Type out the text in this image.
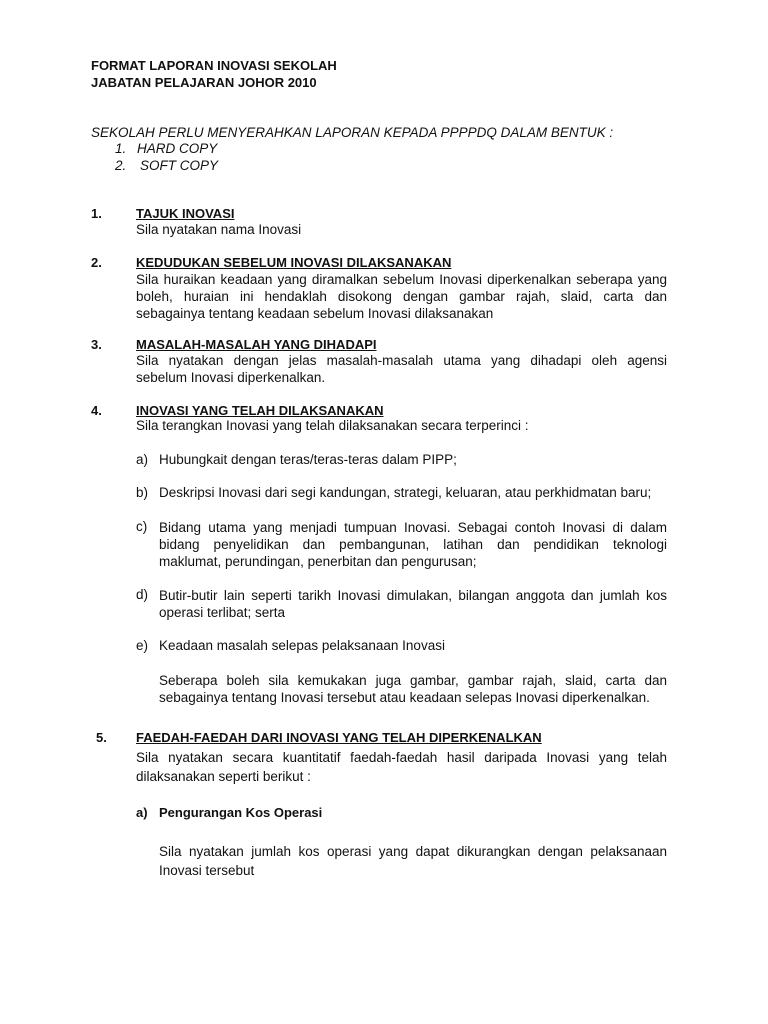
FORMAT LAPORAN INOVASI SEKOLAH
JABATAN PELAJARAN JOHOR 2010
SEKOLAH PERLU MENYERAHKAN LAPORAN KEPADA PPPPDQ DALAM BENTUK :
1. HARD COPY
2. SOFT COPY
1.	TAJUK INOVASI
Sila nyatakan nama Inovasi
2.	KEDUDUKAN SEBELUM INOVASI DILAKSANAKAN
Sila huraikan keadaan yang diramalkan sebelum Inovasi diperkenalkan seberapa yang
boleh, huraian ini hendaklah disokong dengan gambar rajah, slaid, carta dan
sebagainya tentang keadaan sebelum Inovasi dilaksanakan
3.	MASALAH-MASALAH YANG DIHADAPI
Sila nyatakan dengan jelas masalah-masalah utama yang dihadapi oleh agensi
sebelum Inovasi diperkenalkan.
4.	INOVASI YANG TELAH DILAKSANAKAN
Sila terangkan Inovasi yang telah dilaksanakan secara terperinci :
a) Hubungkait dengan teras/teras-teras dalam PIPP;
b) Deskripsi Inovasi dari segi kandungan, strategi, keluaran, atau perkhidmatan baru;
c) Bidang utama yang menjadi tumpuan Inovasi. Sebagai contoh Inovasi di dalam
bidang penyelidikan dan pembangunan, latihan dan pendidikan teknologi
maklumat, perundingan, penerbitan dan pengurusan;
d) Butir-butir lain seperti tarikh Inovasi dimulakan, bilangan anggota dan jumlah kos
operasi terlibat; serta
e) Keadaan masalah selepas pelaksanaan Inovasi
Seberapa boleh sila kemukakan juga gambar, gambar rajah, slaid, carta dan
sebagainya tentang Inovasi tersebut atau keadaan selepas Inovasi diperkenalkan.
5. FAEDAH-FAEDAH DARI INOVASI YANG TELAH DIPERKENALKAN
Sila nyatakan secara kuantitatif faedah-faedah hasil daripada Inovasi yang telah
dilaksanakan seperti berikut :
a) Pengurangan Kos Operasi
Sila nyatakan jumlah kos operasi yang dapat dikurangkan dengan pelaksanaan
Inovasi tersebut
